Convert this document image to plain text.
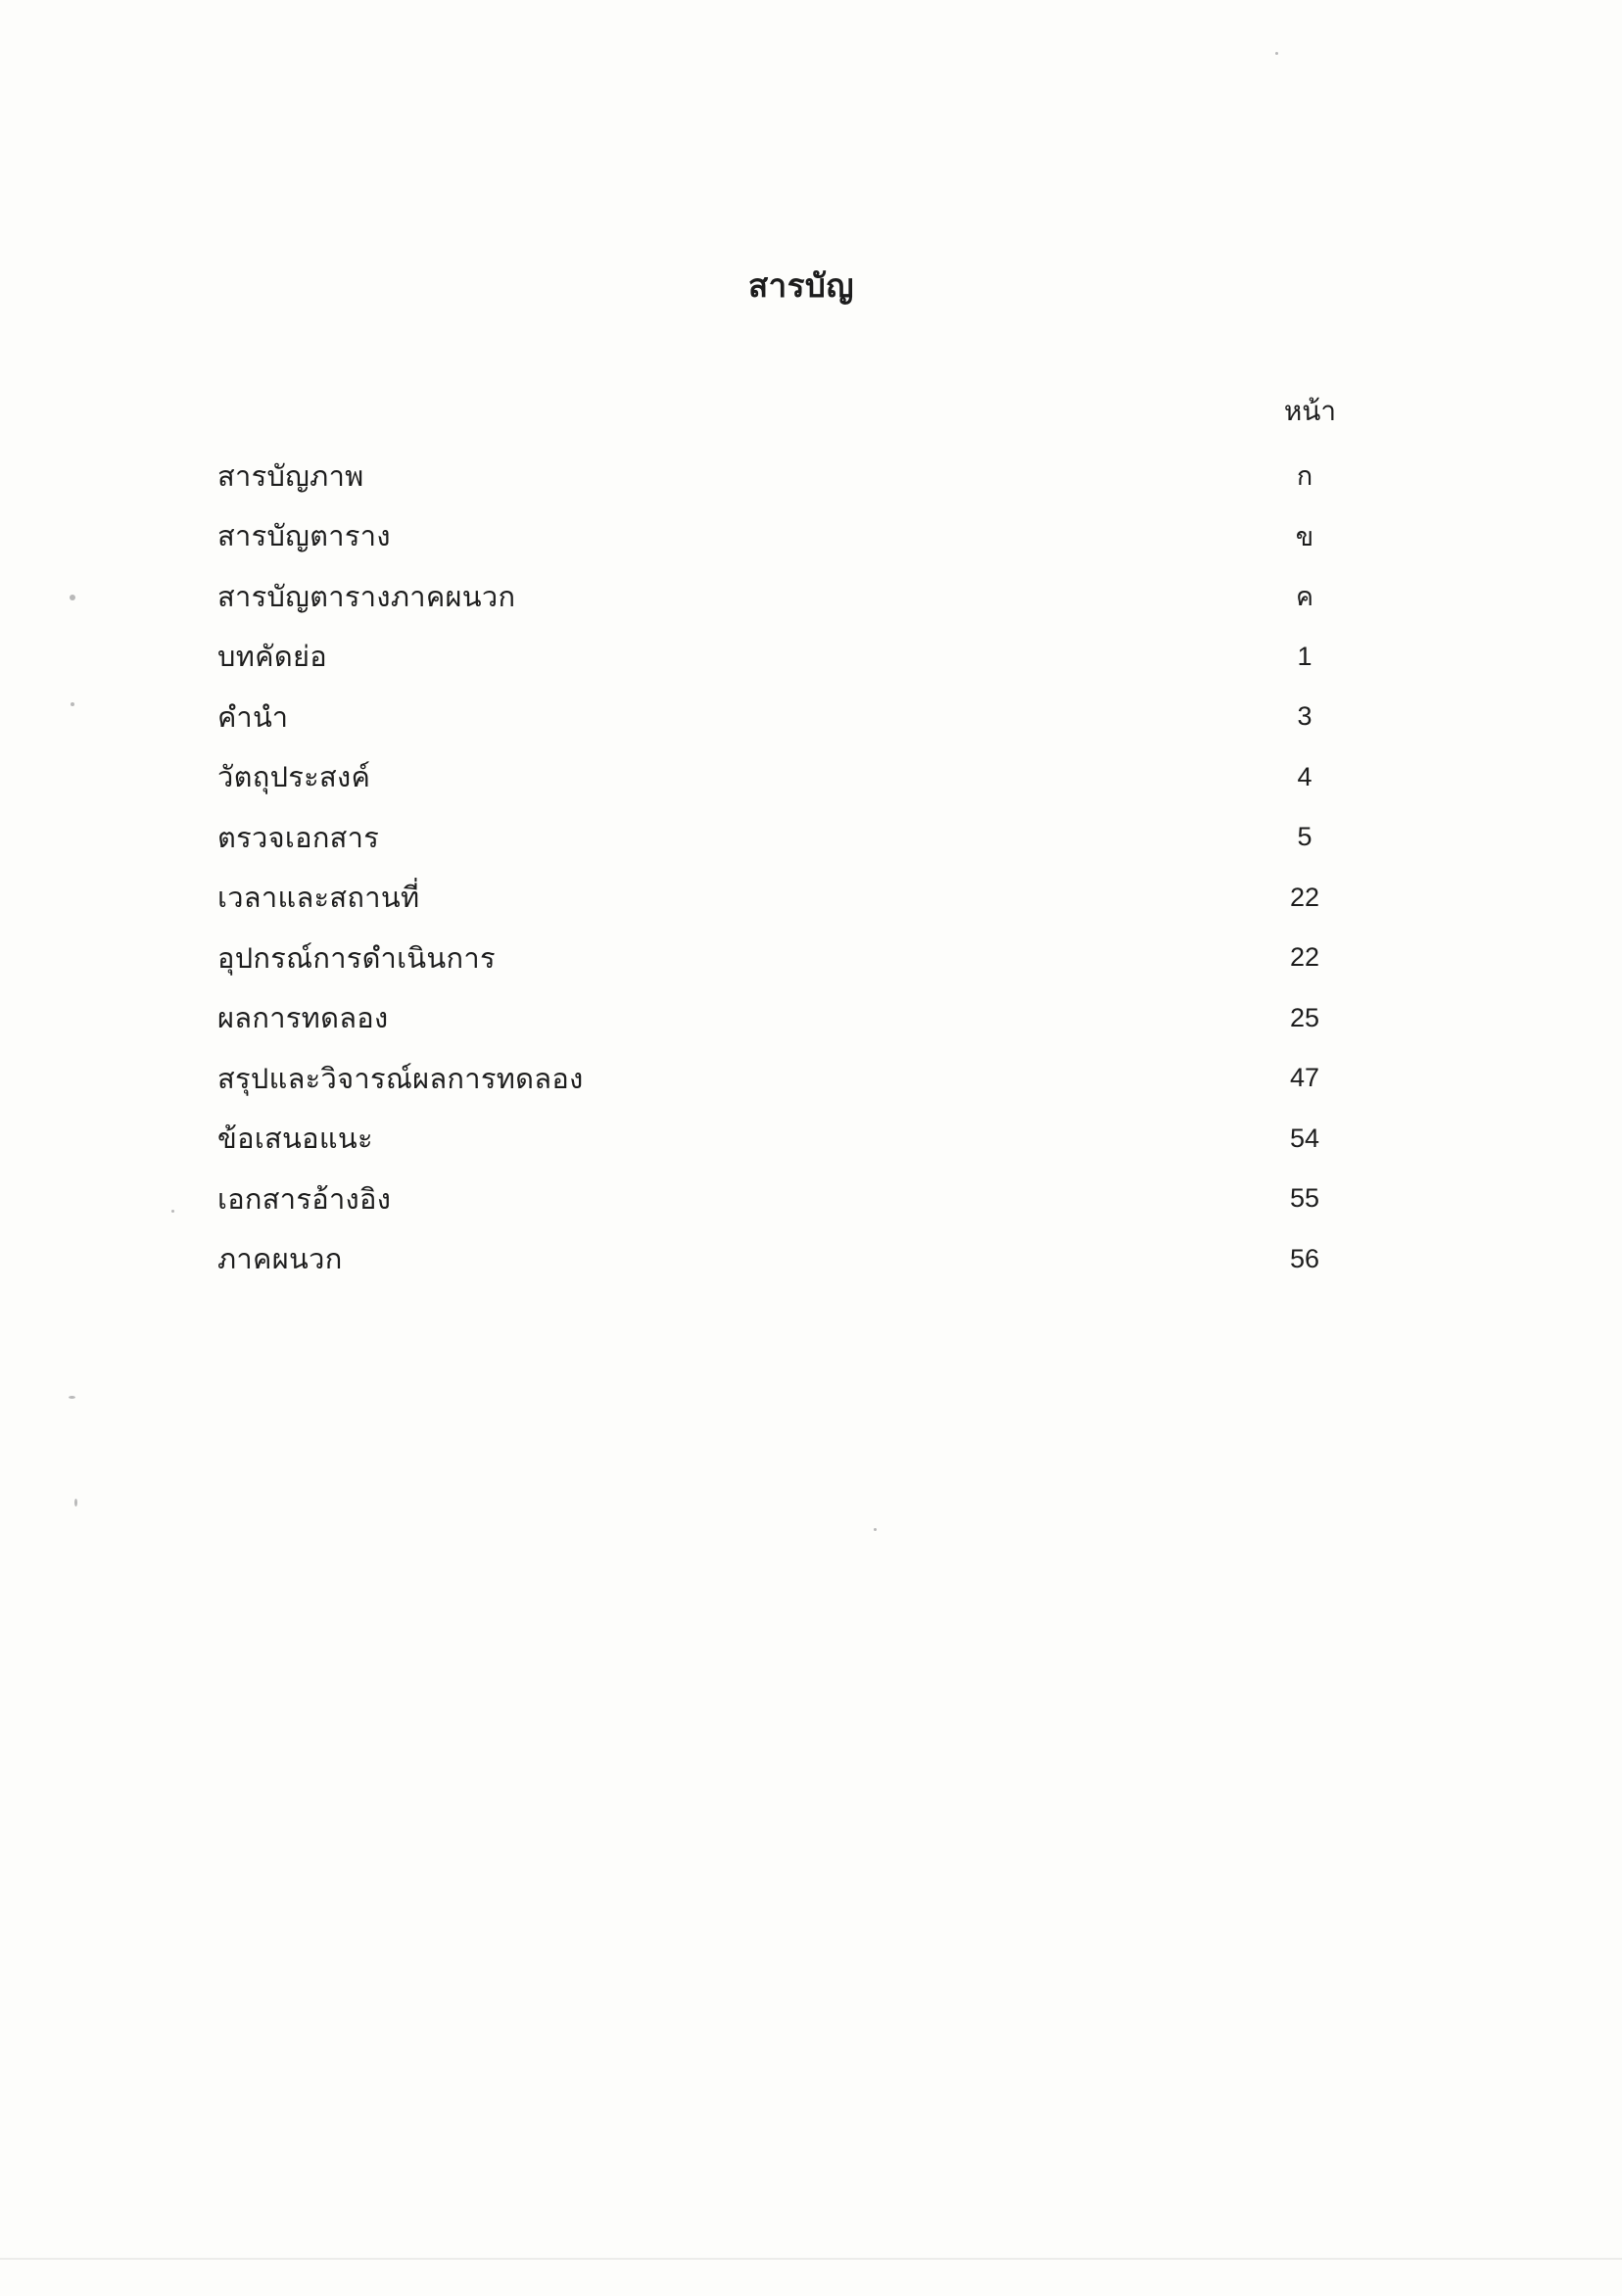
สารบัญ
หน้า
สารบัญภาพ	ก
สารบัญตาราง	ข
สารบัญตารางภาคผนวก	ค
บทคัดย่อ	1
คำนำ	3
วัตถุประสงค์	4
ตรวจเอกสาร	5
เวลาและสถานที่	22
อุปกรณ์การดำเนินการ	22
ผลการทดลอง	25
สรุปและวิจารณ์ผลการทดลอง	47
ข้อเสนอแนะ	54
เอกสารอ้างอิง	55
ภาคผนวก	56
